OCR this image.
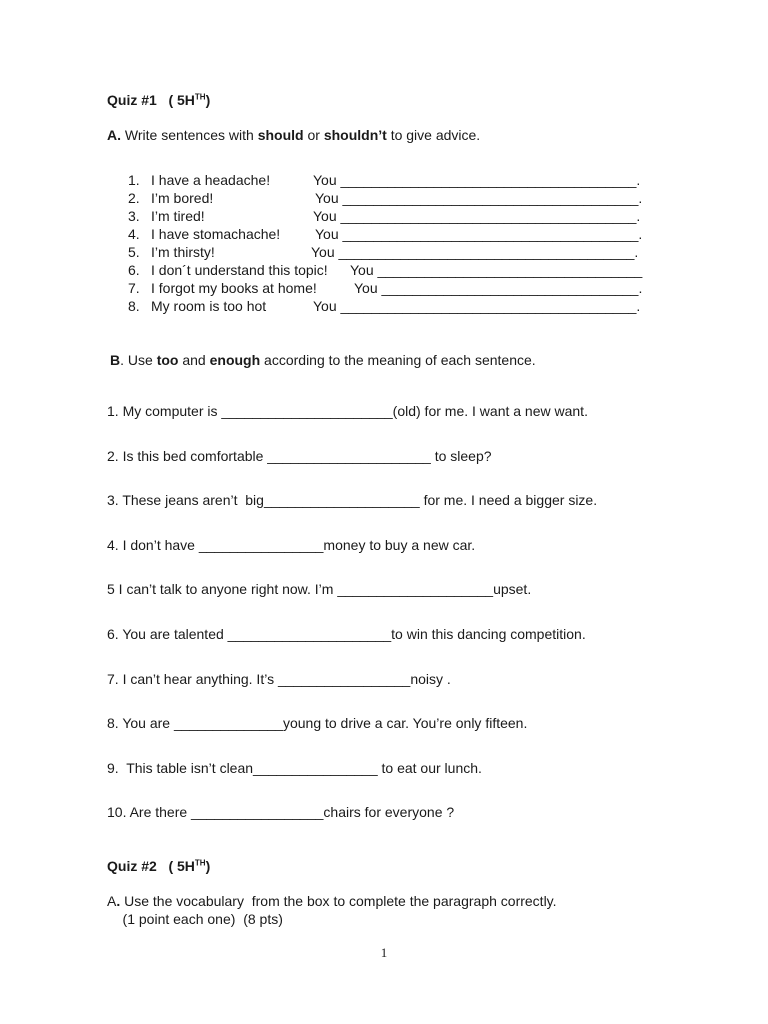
Quiz #1   ( $5H^{TH}$)
A. Write sentences with should or shouldn’t to give advice.
1. I have a headache!	You ______________________________________.
2. I’m bored!	You ______________________________________.
3. I’m tired!	You ______________________________________.
4. I have stomachache! You ______________________________________.
5. I’m thirsty!	You ______________________________________.
6. I don´t understand this topic! You __________________________________
7. I forgot my books at home!	You _________________________________.
8. My room is too hot	You ______________________________________.
B. Use too and enough according to the meaning of each sentence.
1. My computer is ______________________(old) for me. I want a new want.
2. Is this bed comfortable _____________________ to sleep?
3. These jeans aren’t  big____________________ for me. I need a bigger size.
4. I don’t have ________________money to buy a new car.
5 I can’t talk to anyone right now. I’m ____________________upset.
6. You are talented _____________________to win this dancing competition.
7. I can’t hear anything. It’s _________________noisy .
8. You are ______________young to drive a car. You’re only fifteen.
9.  This table isn’t clean________________ to eat our lunch.
10. Are there _________________chairs for everyone ?
Quiz #2   ( $5H^{TH}$)
A. Use the vocabulary  from the box to complete the paragraph correctly.
(1 point each one)  (8 pts)
1
